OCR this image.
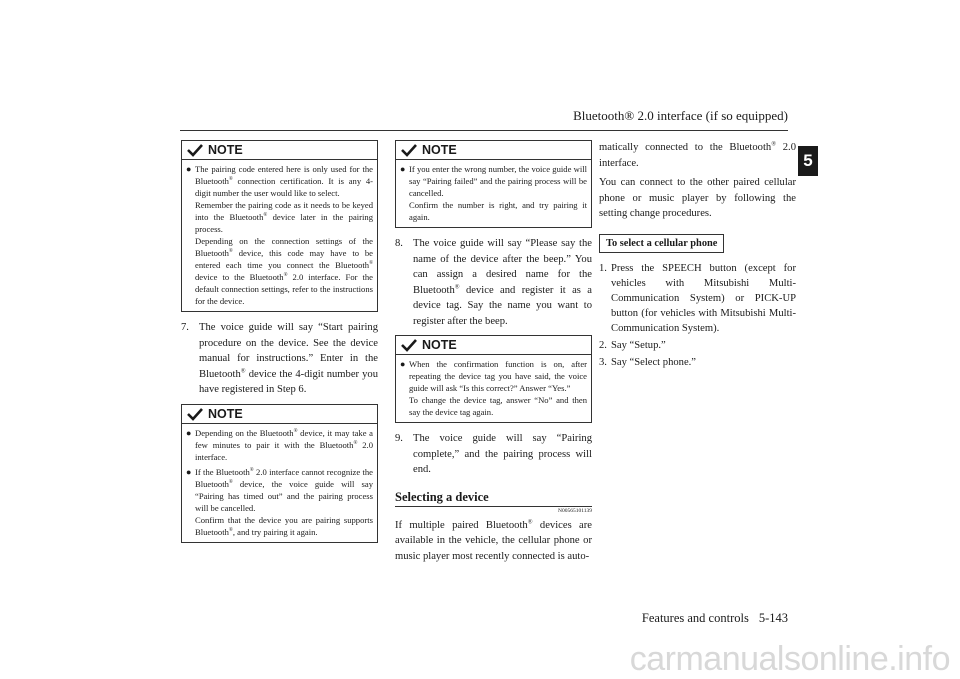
Bluetooth® 2.0 interface (if so equipped)
5
NOTE
● The pairing code entered here is only used for the Bluetooth® connection certification. It is any 4-digit number the user would like to select.

Remember the pairing code as it needs to be keyed into the Bluetooth® device later in the pairing process.

Depending on the connection settings of the Bluetooth® device, this code may have to be entered each time you connect the Bluetooth® device to the Bluetooth® 2.0 interface. For the default connection settings, refer to the instructions for the device.

7. The voice guide will say “Start pairing procedure on the device. See the device manual for instructions.” Enter in the Bluetooth® device the 4-digit number you have registered in Step 6.
NOTE
● Depending on the Bluetooth® device, it may take a few minutes to pair it with the Bluetooth® 2.0 interface.

● If the Bluetooth® 2.0 interface cannot recognize the Bluetooth® device, the voice guide will say “Pairing has timed out” and the pairing process will be cancelled.

Confirm that the device you are pairing supports Bluetooth®, and try pairing it again.

NOTE
● If you enter the wrong number, the voice guide will say “Pairing failed” and the pairing process will be cancelled.

Confirm the number is right, and try pairing it again.

8. The voice guide will say “Please say the name of the device after the beep.” You can assign a desired name for the Bluetooth® device and register it as a device tag. Say the name you want to register after the beep.
NOTE
● When the confirmation function is on, after repeating the device tag you have said, the voice guide will ask “Is this correct?” Answer “Yes.”

To change the device tag, answer “No” and then say the device tag again.

9. The voice guide will say “Pairing complete,” and the pairing process will end.
Selecting a device
N00565101139
If multiple paired Bluetooth® devices are available in the vehicle, the cellular phone or music player most recently connected is auto-
matically connected to the Bluetooth® 2.0 interface.
You can connect to the other paired cellular phone or music player by following the setting change procedures.
To select a cellular phone
1. Press the SPEECH button (except for vehicles with Mitsubishi Multi-Communication System) or PICK-UP button (for vehicles with Mitsubishi Multi-Communication System).
2. Say “Setup.”
3. Say “Select phone.”
Features and controls 5-143
carmanualsonline.info
